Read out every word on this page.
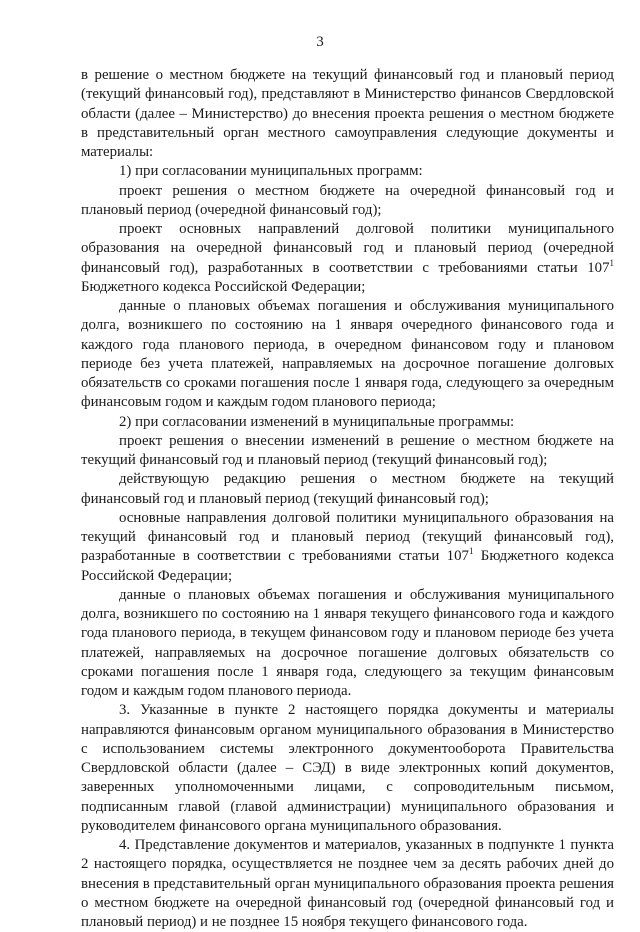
3

в решение о местном бюджете на текущий финансовый год и плановый период (текущий финансовый год), представляют в Министерство финансов Свердловской области (далее – Министерство) до внесения проекта решения о местном бюджете в представительный орган местного самоуправления следующие документы и материалы:

1) при согласовании муниципальных программ:

проект решения о местном бюджете на очередной финансовый год и плановый период (очередной финансовый год);

проект основных направлений долговой политики муниципального образования на очередной финансовый год и плановый период (очередной финансовый год), разработанных в соответствии с требованиями статьи $107^1$ Бюджетного кодекса Российской Федерации;

данные о плановых объемах погашения и обслуживания муниципального долга, возникшего по состоянию на 1 января очередного финансового года и каждого года планового периода, в очередном финансовом году и плановом периоде без учета платежей, направляемых на досрочное погашение долговых обязательств со сроками погашения после 1 января года, следующего за очередным финансовым годом и каждым годом планового периода;

2) при согласовании изменений в муниципальные программы:

проект решения о внесении изменений в решение о местном бюджете на текущий финансовый год и плановый период (текущий финансовый год);

действующую редакцию решения о местном бюджете на текущий финансовый год и плановый период (текущий финансовый год);

основные направления долговой политики муниципального образования на текущий финансовый год и плановый период (текущий финансовый год), разработанные в соответствии с требованиями статьи $107^1$ Бюджетного кодекса Российской Федерации;

данные о плановых объемах погашения и обслуживания муниципального долга, возникшего по состоянию на 1 января текущего финансового года и каждого года планового периода, в текущем финансовом году и плановом периоде без учета платежей, направляемых на досрочное погашение долговых обязательств со сроками погашения после 1 января года, следующего за текущим финансовым годом и каждым годом планового периода.

3. Указанные в пункте 2 настоящего порядка документы и материалы направляются финансовым органом муниципального образования в Министерство с использованием системы электронного документооборота Правительства Свердловской области (далее – СЭД) в виде электронных копий документов, заверенных уполномоченными лицами, с сопроводительным письмом, подписанным главой (главой администрации) муниципального образования и руководителем финансового органа муниципального образования.

4. Представление документов и материалов, указанных в подпункте 1 пункта 2 настоящего порядка, осуществляется не позднее чем за десять рабочих дней до внесения в представительный орган муниципального образования проекта решения о местном бюджете на очередной финансовый год (очередной финансовый год и плановый период) и не позднее 15 ноября текущего финансового года.
